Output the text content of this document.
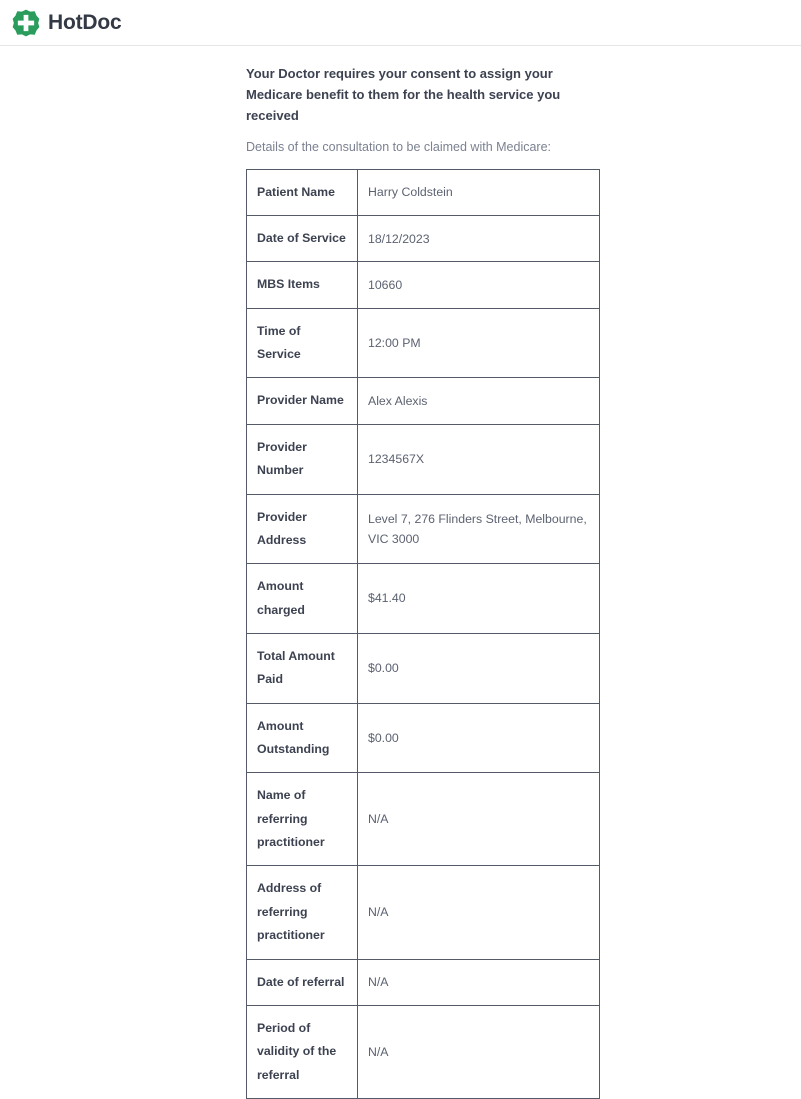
HotDoc
Your Doctor requires your consent to assign your Medicare benefit to them for the health service you received

Details of the consultation to be claimed with Medicare:

Patient Name	Harry Coldstein
Date of Service	18/12/2023
MBS Items	10660
Time of Service	12:00 PM
Provider Name	Alex Alexis
Provider Number	1234567X
Provider Address	Level 7, 276 Flinders Street, Melbourne, VIC 3000
Amount charged	$41.40
Total Amount Paid	$0.00
Amount Outstanding	$0.00
Name of referring practitioner	N/A
Address of referring practitioner	N/A
Date of referral	N/A
Period of validity of the referral	N/A
